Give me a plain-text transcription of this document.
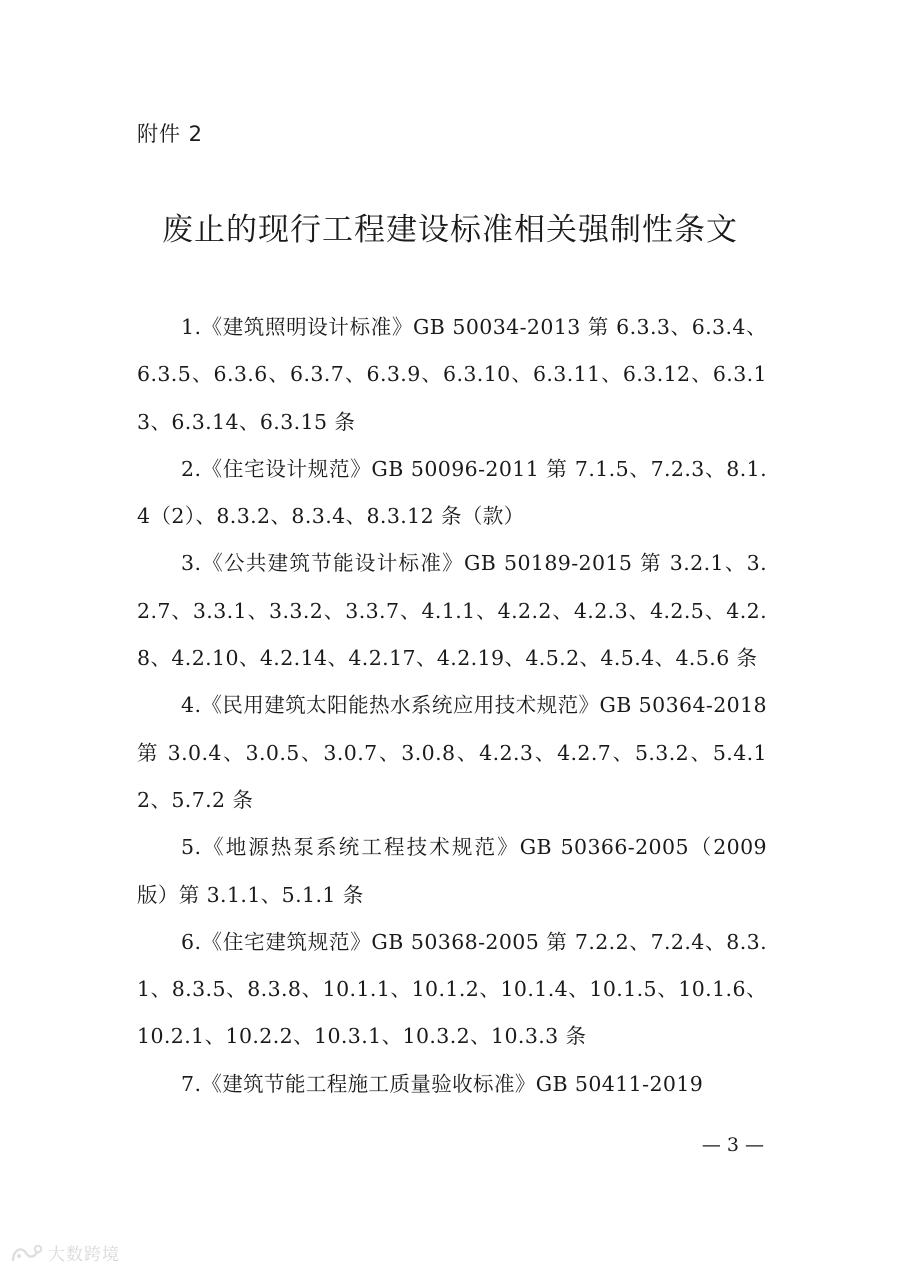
附件 2

废止的现行工程建设标准相关强制性条文
1.《建筑照明设计标准》GB 50034-2013 第 6.3.3、6.3.4、6.3.5、6.3.6、6.3.7、6.3.9、6.3.10、6.3.11、6.3.12、6.3.13、6.3.14、6.3.15 条
2.《住宅设计规范》GB 50096-2011 第 7.1.5、7.2.3、8.1.4（2）、8.3.2、8.3.4、8.3.12 条（款）
3.《公共建筑节能设计标准》GB 50189-2015 第 3.2.1、3.2.7、3.3.1、3.3.2、3.3.7、4.1.1、4.2.2、4.2.3、4.2.5、4.2.8、4.2.10、4.2.14、4.2.17、4.2.19、4.5.2、4.5.4、4.5.6 条
4.《民用建筑太阳能热水系统应用技术规范》GB 50364-2018 第 3.0.4、3.0.5、3.0.7、3.0.8、4.2.3、4.2.7、5.3.2、5.4.12、5.7.2 条
5.《地源热泵系统工程技术规范》GB 50366-2005（2009 版）第 3.1.1、5.1.1 条
6.《住宅建筑规范》GB 50368-2005 第 7.2.2、7.2.4、8.3.1、8.3.5、8.3.8、10.1.1、10.1.2、10.1.4、10.1.5、10.1.6、10.2.1、10.2.2、10.3.1、10.3.2、10.3.3 条
7.《建筑节能工程施工质量验收标准》GB 50411-2019

— 3 —

大数跨境
